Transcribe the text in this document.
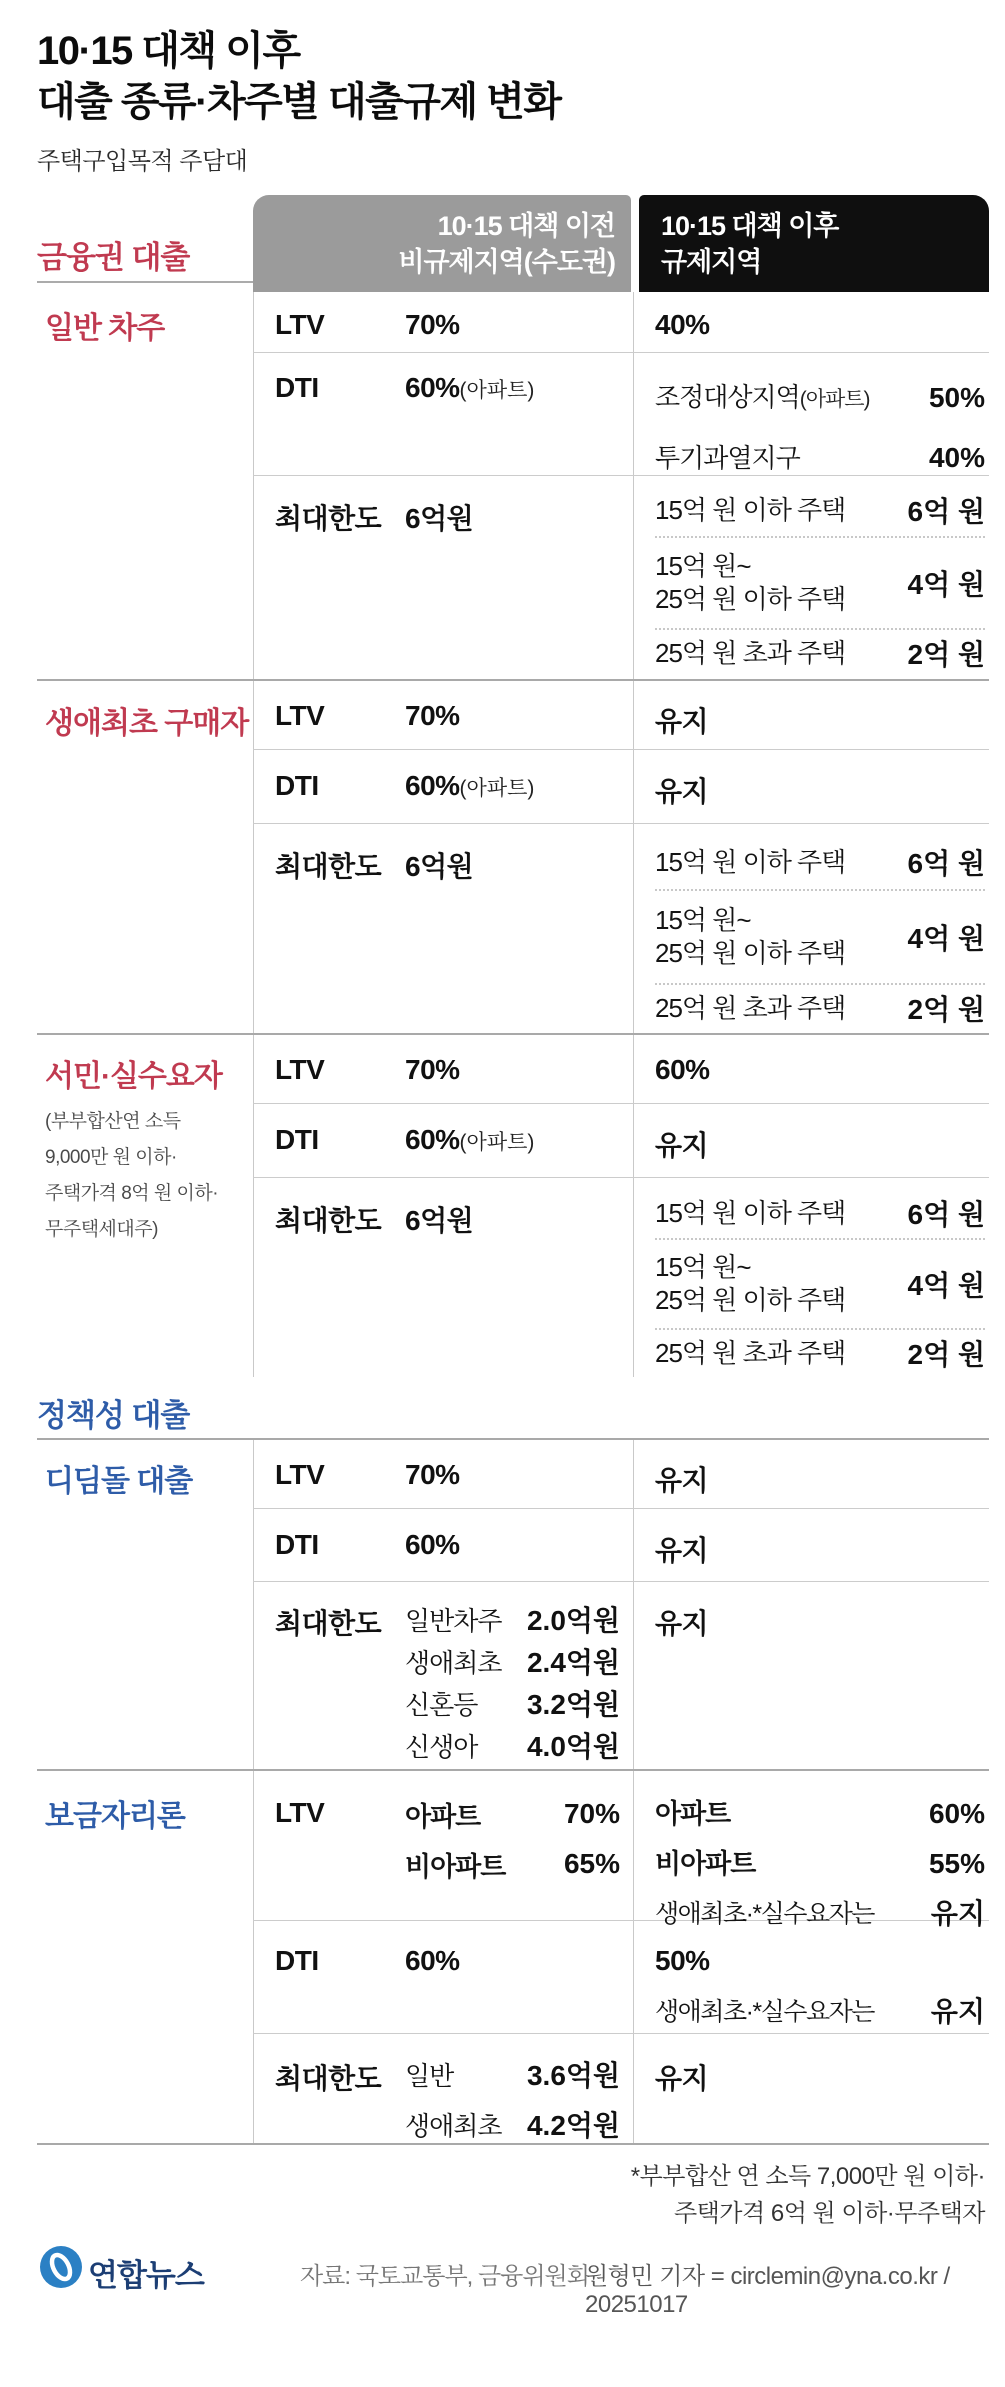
10·15 대책 이후
대출 종류·차주별 대출규제 변화
주택구입목적 주담대
10·15 대책 이전
비규제지역(수도권)
10·15 대책 이후
규제지역
금융권 대출
일반 차주	LTV	70%	40%
DTI	60%(아파트)	조정대상지역(아파트) 50%
투기과열지구	40%
최대한도 6억원	15억 원 이하 주택 6억 원
15억 원~
25억 원 이하 주택 4억 원
25억 원 초과 주택 2억 원
생애최초 구매자 LTV	70%	유지
DTI	60%(아파트)	유지
최대한도 6억원	15억 원 이하 주택 6억 원
15억 원~
25억 원 이하 주택 4억 원
25억 원 초과 주택 2억 원
서민·실수요자
(부부합산연 소득
9,000만 원 이하·
주택가격 8억 원 이하·
무주택세대주)
LTV	70%	60%
DTI	60%(아파트)	유지
최대한도 6억원	15억 원 이하 주택 6억 원
15억 원~
25억 원 이하 주택 4억 원
25억 원 초과 주택 2억 원
정책성 대출
디딤돌 대출	LTV	70%	유지
DTI	60%	유지
최대한도 일반차주 2.0억원
생애최초 2.4억원
신혼등 3.2억원
신생아 4.0억원
유지
보금자리론	LTV	아파트	70%
비아파트 65%
아파트	60%
비아파트	55%
생애최초·*실수요자는 유지
DTI	60%	50%
생애최초·*실수요자는 유지
최대한도 일반	3.6억원
생애최초 4.2억원
유지
*부부합산 연 소득 7,000만 원 이하·
주택가격 6억 원 이하·무주택자
연합뉴스	자료: 국토교통부, 금융위원회
원형민 기자 = circlemin@yna.co.kr / 20251017
